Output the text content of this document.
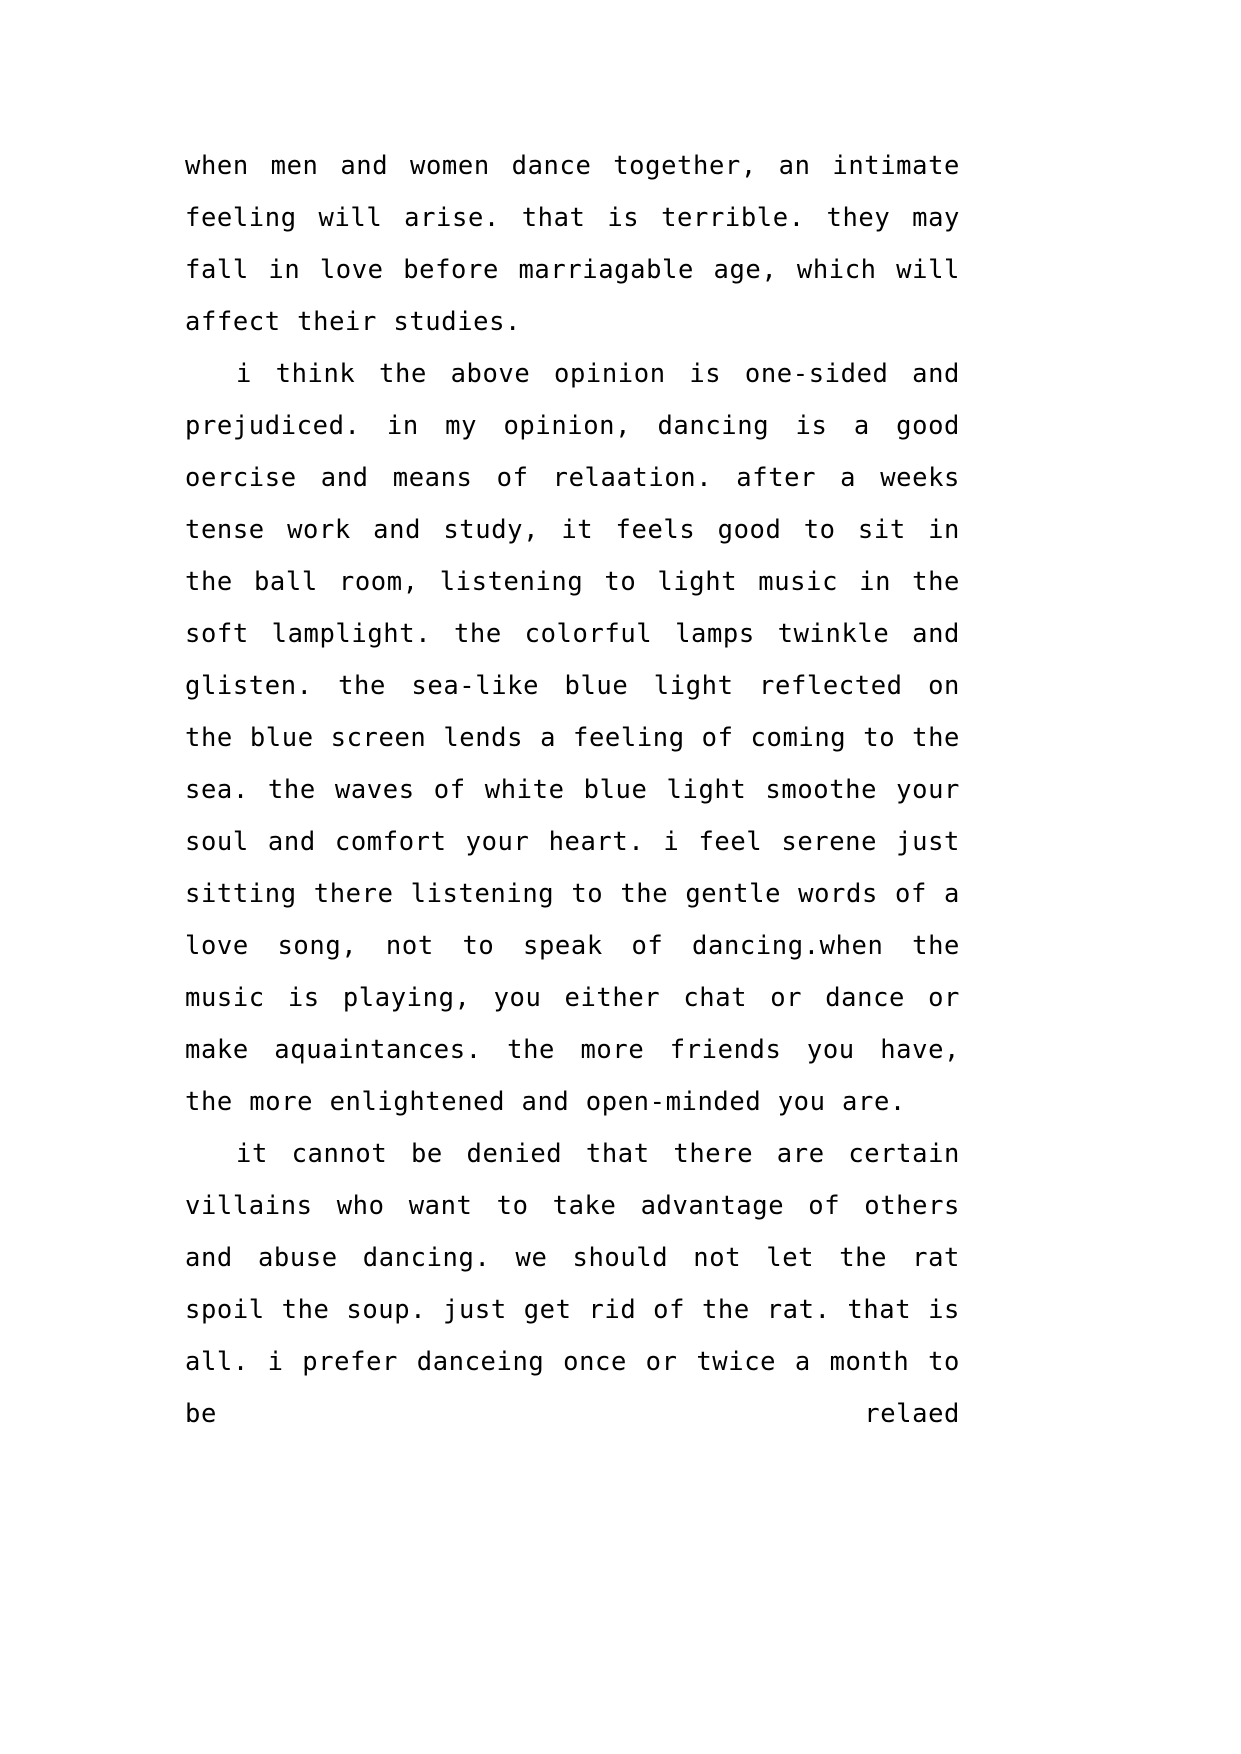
when men and women dance together, an intimate feeling will arise. that is terrible. they may fall in love before marriagable age, which will affect their studies.

i think the above opinion is one-sided and prejudiced. in my opinion, dancing is a good oercise and means of relaation. after a weeks tense work and study, it feels good to sit in the ball room, listening to light music in the soft lamplight. the colorful lamps twinkle and glisten. the sea-like blue light reflected on the blue screen lends a feeling of coming to the sea. the waves of white blue light smoothe your soul and comfort your heart. i feel serene just sitting there listening to the gentle words of a love song, not to speak of dancing.when the music is playing, you either chat or dance or make aquaintances. the more friends you have, the more enlightened and open-minded you are.

it cannot be denied that there are certain villains who want to take advantage of others and abuse dancing. we should not let the rat spoil the soup. just get rid of the rat. that is all. i prefer danceing once or twice a month to be relaed
